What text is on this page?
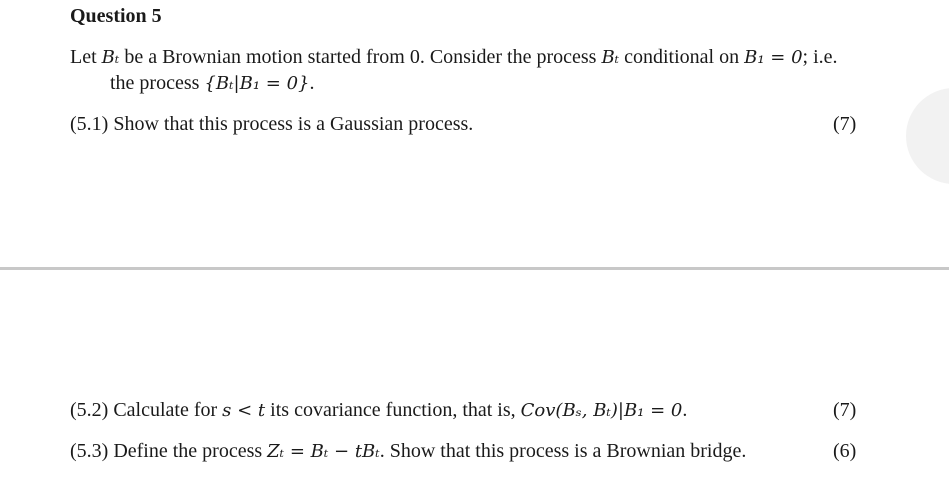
Question 5
Let Bₜ be a Brownian motion started from 0. Consider the process Bₜ conditional on B₁ = 0; i.e.
the process {Bₜ|B₁ = 0}.
(5.1) Show that this process is a Gaussian process.	(7)
(5.2) Calculate for s < t its covariance function, that is, Cov(Bₛ, Bₜ)|B₁ = 0.	(7)
(5.3) Define the process Zₜ = Bₜ − tBₜ. Show that this process is a Brownian bridge.	(6)
